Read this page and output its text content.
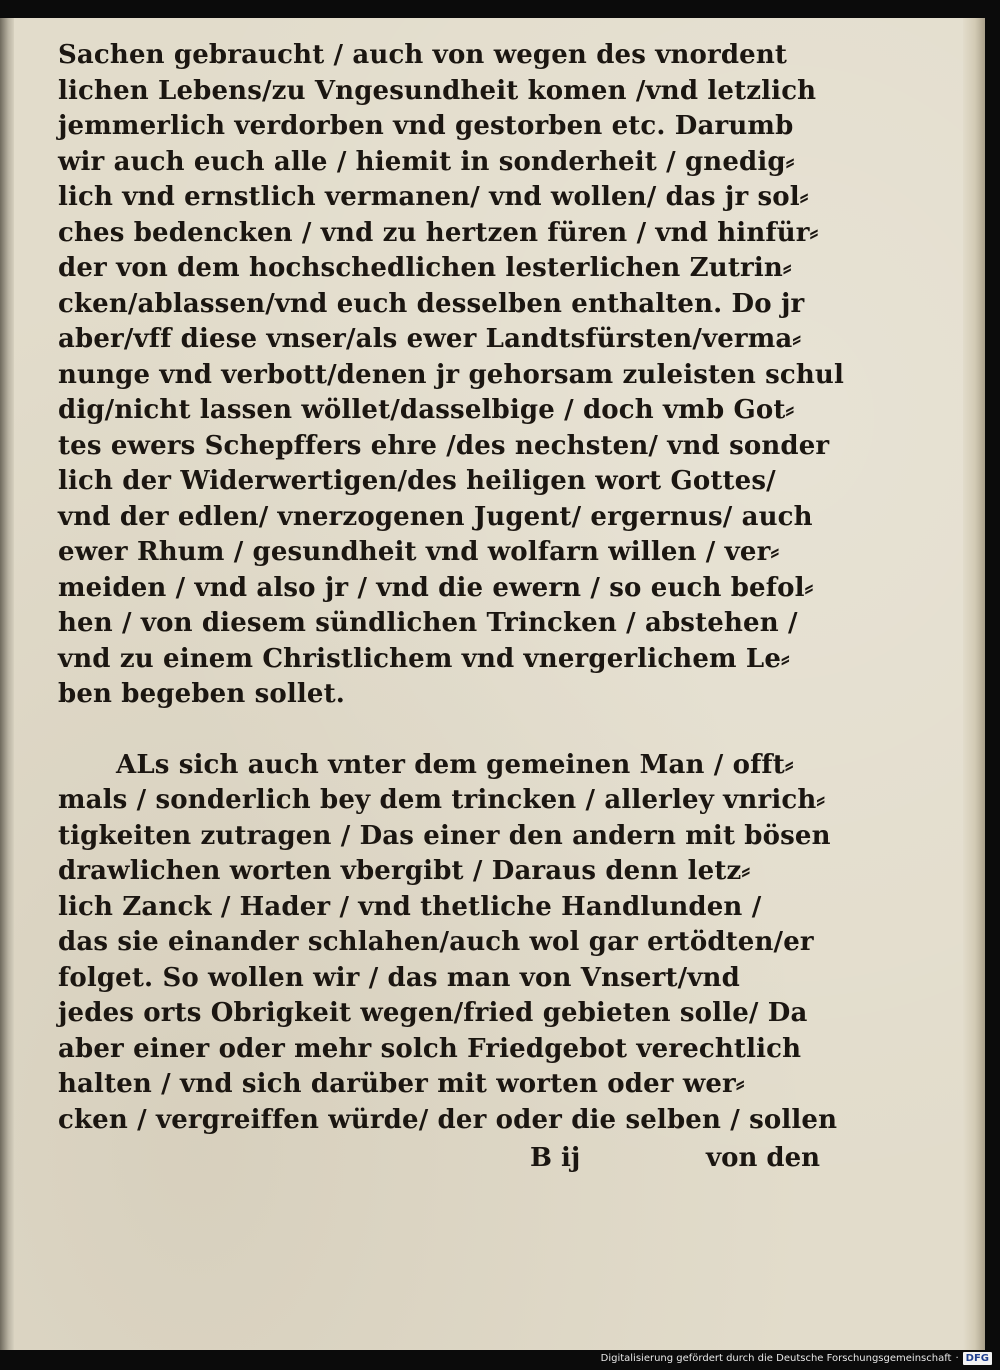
Sachen gebraucht / auch von wegen des vnordent
lichen Lebens/zu Vngesundheit komen /vnd letzlich
jemmerlich verdorben vnd gestorben etc. Darumb
wir auch euch alle / hiemit in sonderheit / gnedig⸗
lich vnd ernstlich vermanen/ vnd wollen/ das jr sol⸗
ches bedencken / vnd zu hertzen füren / vnd hinfür⸗
der von dem hochschedlichen lesterlichen Zutrin⸗
cken/ablassen/vnd euch desselben enthalten. Do jr
aber/vff diese vnser/als ewer Landtsfürsten/verma⸗
nunge vnd verbott/denen jr gehorsam zuleisten schul
dig/nicht lassen wöllet/dasselbige / doch vmb Got⸗
tes ewers Schepffers ehre /des nechsten/ vnd sonder
lich der Widerwertigen/des heiligen wort Gottes/
vnd der edlen/ vnerzogenen Jugent/ ergernus/ auch
ewer Rhum / gesundheit vnd wolfarn willen / ver⸗
meiden / vnd also jr / vnd die ewern / so euch befol⸗
hen / von diesem sündlichen Trincken / abstehen /
vnd zu einem Christlichem vnd vnergerlichem Le⸗
ben begeben sollet.
ALs sich auch vnter dem gemeinen Man / offt⸗
mals / sonderlich bey dem trincken / allerley vnrich⸗
tigkeiten zutragen / Das einer den andern mit bösen
drawlichen worten vbergibt / Daraus denn letz⸗
lich Zanck / Hader / vnd thetliche Handlunden /
das sie einander schlahen/auch wol gar ertödten/er
folget. So wollen wir / das man von Vnsert/vnd
jedes orts Obrigkeit wegen/fried gebieten solle/ Da
aber einer oder mehr solch Friedgebot verechtlich
halten / vnd sich darüber mit worten oder wer⸗
cken / vergreiffen würde/ der oder die selben / sollen
B ij	von den
Digitalisierung gefördert durch die Deutsche Forschungsgemeinschaft · DFG
